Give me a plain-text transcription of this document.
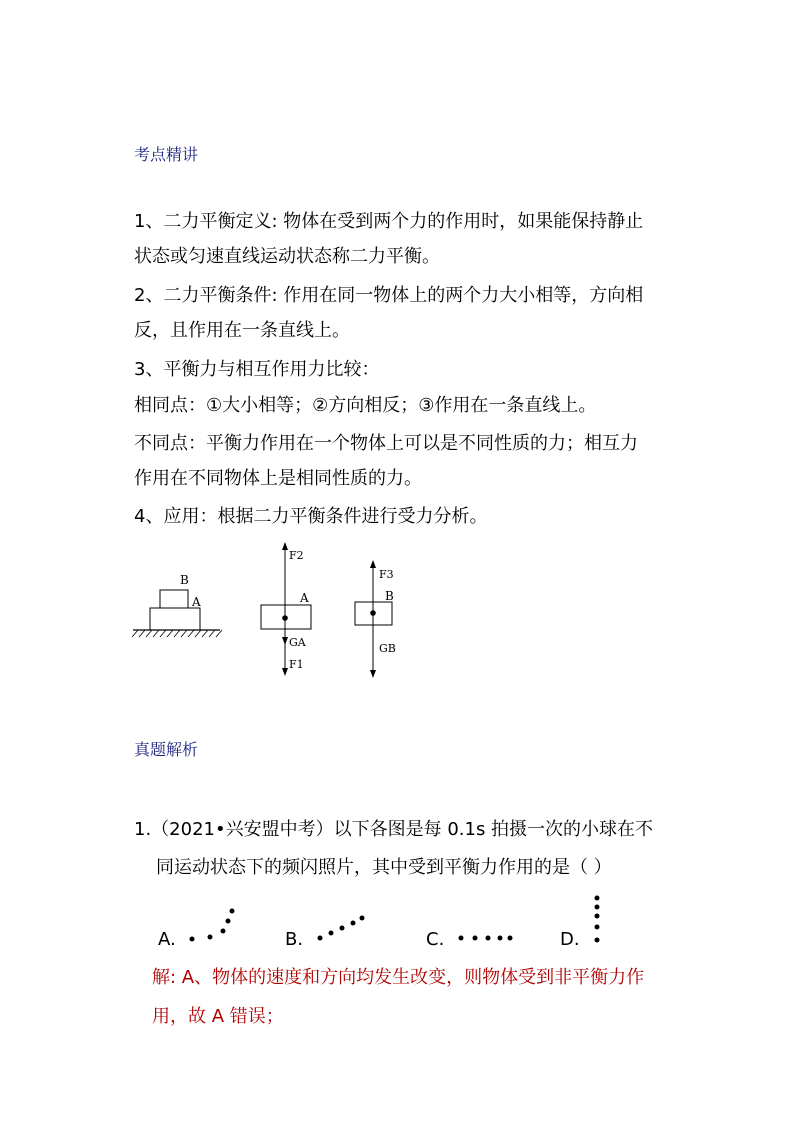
考点精讲
1、二力平衡定义: 物体在受到两个力的作用时，如果能保持静止
状态或匀速直线运动状态称二力平衡。
2、二力平衡条件: 作用在同一物体上的两个力大小相等，方向相
反，且作用在一条直线上。
3、平衡力与相互作用力比较：
相同点：①大小相等；②方向相反；③作用在一条直线上。
不同点：平衡力作用在一个物体上可以是不同性质的力；相互力
作用在不同物体上是相同性质的力。
4、应用：根据二力平衡条件进行受力分析。
B
A
F2
A
GA
F1
F3
B
GB
真题解析
1.（2021•兴安盟中考）以下各图是每 0.1s 拍摄一次的小球在不
同运动状态下的频闪照片，其中受到平衡力作用的是（ ）
A.	B.	C.	D.
解: A、物体的速度和方向均发生改变，则物体受到非平衡力作
用，故 A 错误；
